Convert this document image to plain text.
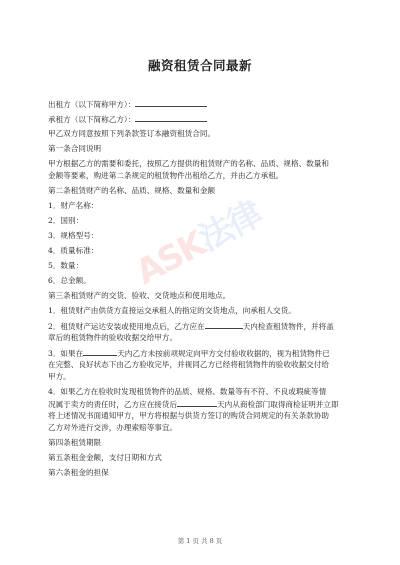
融资租赁合同最新
出租方（以下简称甲方）：
承租方（以下简称乙方）：
甲乙双方同意按照下列条款签订本融资租赁合同。
第一条合同说明
甲方根据乙方的需要和委托，按照乙方提供的租赁财产的名称、品质、规格、数量和
金额等要素，购进第二条规定的租赁物件出租给乙方，并由乙方承租。
第二条租赁财产的名称、品质、规格、数量和金额
1．财产名称：
2．国别：
3．规格型号：
4．质量标准：
5．数量：
6．总金额。
第三条租赁财产的交货、验收、交货地点和使用地点。
1．租赁财产由供货方直接运交承租人的指定的交货地点，向承租人交货。
2．租赁财产运达安装或使用地点后，乙方应在	天内检查租赁物件，并将盖
章后的租赁物件的验收收据交给甲方。
3．如果在	天内乙方未按前项规定向甲方交付验收收据的，视为租赁物件已
在完整、良好状态下由乙方验收完毕，并视同乙方已经将租赁物件的验收收据交付给
甲方。
4．如果乙方在验收时发现租赁物件的品质、规格、数量等有不符、不良或瑕疵等情
况属于卖方的责任时，乙方应在接货后	天内从商检部门取得商检证明并立即
将上述情况书面通知甲方，甲方将根据与供货方签订的购货合同规定的有关条款协助
乙方对外进行交涉，办理索赔等事宜。
第四条租赁期限
第五条租金金额，支付日期和方式
第六条租金的担保
第 1 页 共 8 页
ASK法律
